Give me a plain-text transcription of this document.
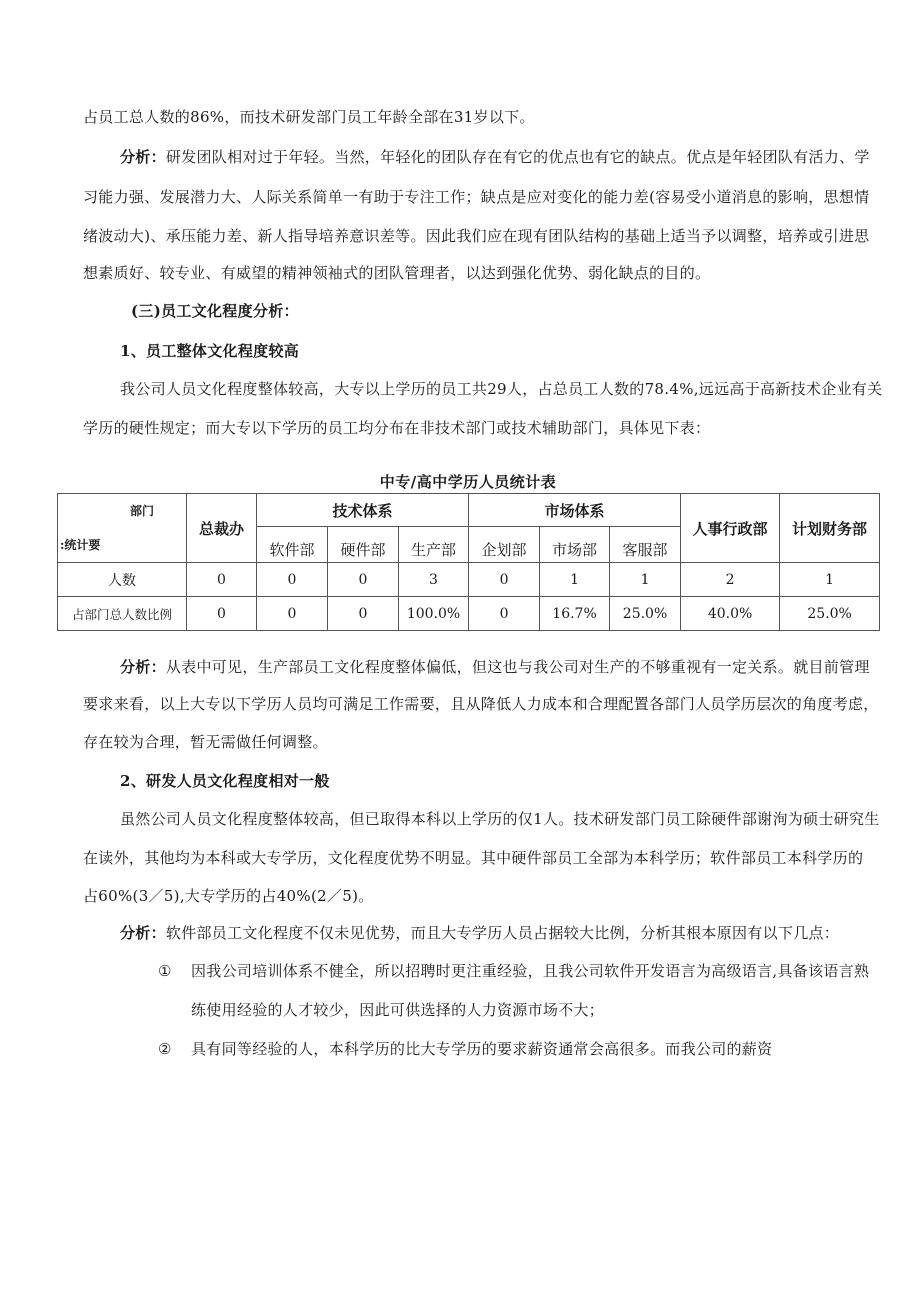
占员工总人数的86%，而技术研发部门员工年龄全部在31岁以下。
分析：研发团队相对过于年轻。当然，年轻化的团队存在有它的优点也有它的缺点。优点是年轻团队有活力、学
习能力强、发展潜力大、人际关系简单一有助于专注工作；缺点是应对变化的能力差(容易受小道消息的影响，思想情
绪波动大)、承压能力差、新人指导培养意识差等。因此我们应在现有团队结构的基础上适当予以调整，培养或引进思
想素质好、较专业、有威望的精神领袖式的团队管理者，以达到强化优势、弱化缺点的目的。
(三)员工文化程度分析：
1、员工整体文化程度较高
我公司人员文化程度整体较高，大专以上学历的员工共29人，占总员工人数的78.4%,远远高于高新技术企业有关
学历的硬性规定；而大专以下学历的员工均分布在非技术部门或技术辅助部门，具体见下表：
中专/高中学历人员统计表
部门
:统计要	总裁办	技术体系			市场体系			人事行政部	计划财务部
		软件部	硬件部	生产部	企划部	市场部	客服部		
人数	0	0	0	3	0	1	1	2	1
占部门总人数比例	0	0	0	100.0%	0	16.7%	25.0%	40.0%	25.0%
分析：从表中可见，生产部员工文化程度整体偏低，但这也与我公司对生产的不够重视有一定关系。就目前管理
要求来看，以上大专以下学历人员均可满足工作需要，且从降低人力成本和合理配置各部门人员学历层次的角度考虑，
存在较为合理，暂无需做任何调整。
2、研发人员文化程度相对一般
虽然公司人员文化程度整体较高，但已取得本科以上学历的仅1人。技术研发部门员工除硬件部谢洵为硕士研究生
在读外，其他均为本科或大专学历，文化程度优势不明显。其中硬件部员工全部为本科学历；软件部员工本科学历的
占60%(3／5),大专学历的占40%(2／5)。
分析：软件部员工文化程度不仅未见优势，而且大专学历人员占据较大比例，分析其根本原因有以下几点：
① 因我公司培训体系不健全，所以招聘时更注重经验，且我公司软件开发语言为高级语言,具备该语言熟
练使用经验的人才较少，因此可供选择的人力资源市场不大；
② 具有同等经验的人，本科学历的比大专学历的要求薪资通常会高很多。而我公司的薪资
